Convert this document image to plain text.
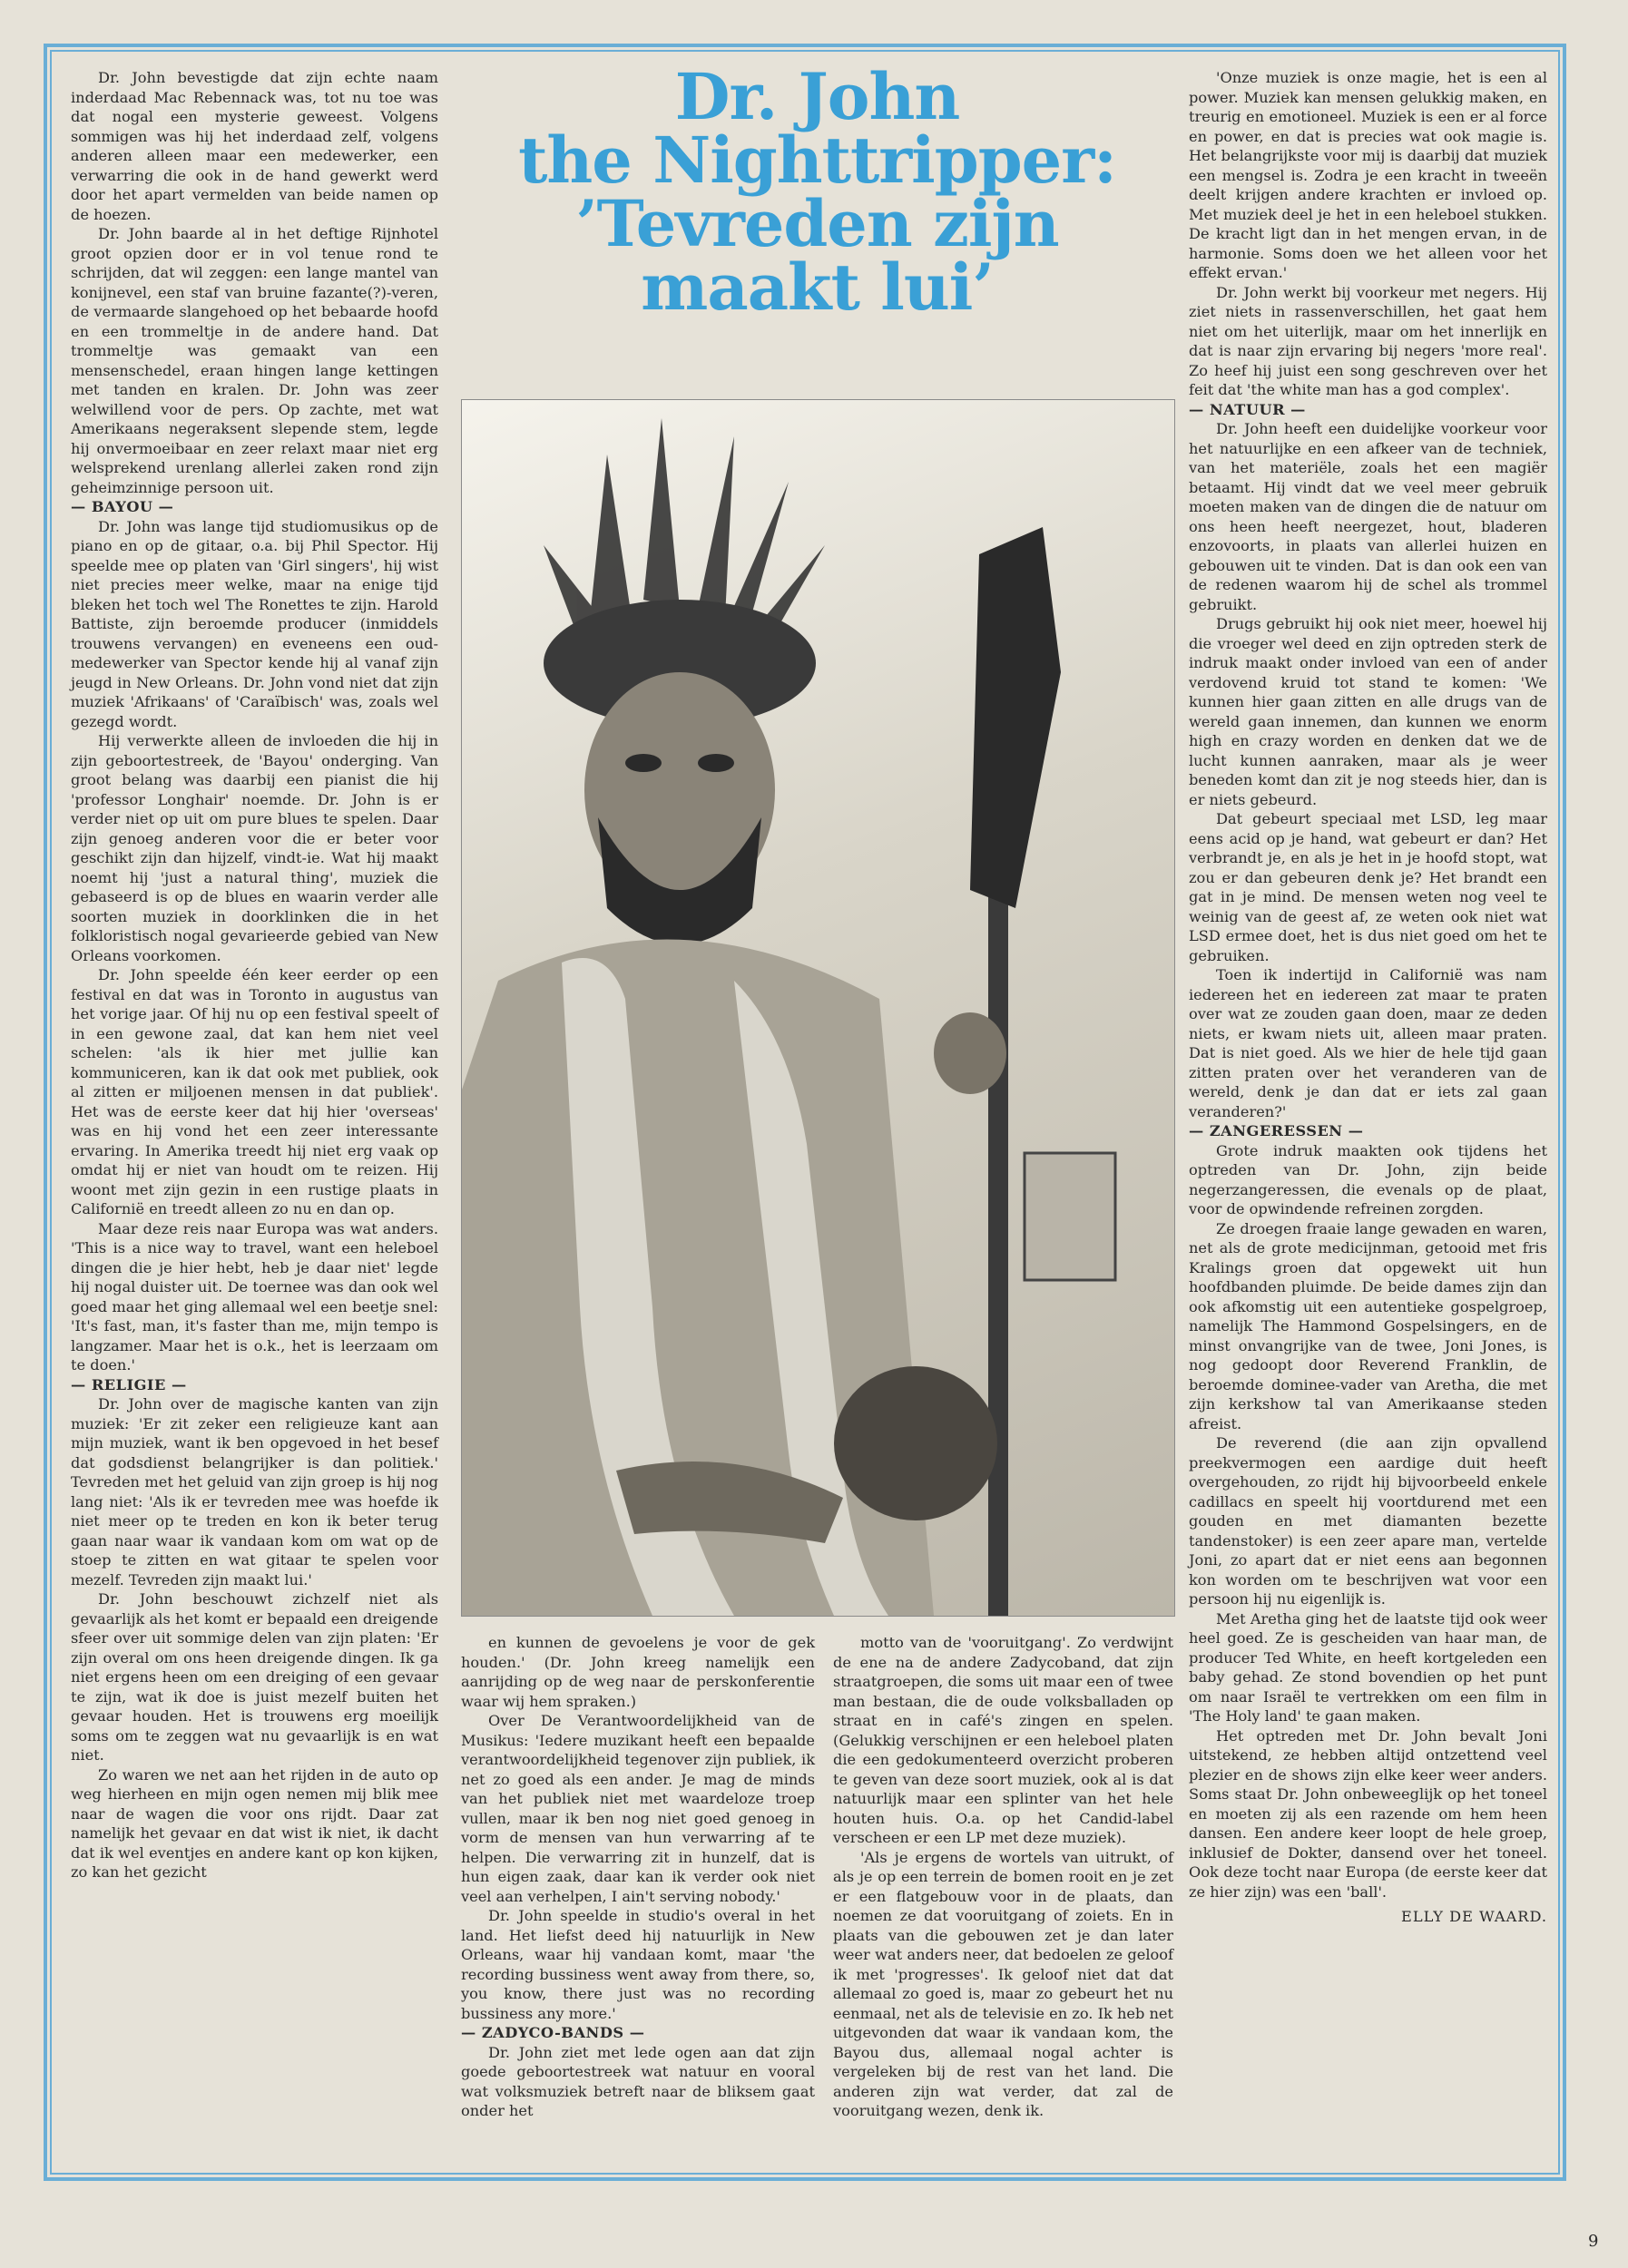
Dr. John bevestigde dat zijn echte naam inderdaad Mac Rebennack was, tot nu toe was dat nogal een mysterie geweest. Volgens sommigen was hij het inderdaad zelf, volgens anderen alleen maar een medewerker, een verwarring die ook in de hand gewerkt werd door het apart vermelden van beide namen op de hoezen.

Dr. John baarde al in het deftige Rijnhotel groot opzien door er in vol tenue rond te schrijden, dat wil zeggen: een lange mantel van konijnevel, een staf van bruine fazante(?)-veren, de vermaarde slangehoed op het bebaarde hoofd en een trommeltje in de andere hand. Dat trommeltje was gemaakt van een mensenschedel, eraan hingen lange kettingen met tanden en kralen. Dr. John was zeer welwillend voor de pers. Op zachte, met wat Amerikaans negeraksent slepende stem, legde hij onvermoeibaar en zeer relaxt maar niet erg welsprekend urenlang allerlei zaken rond zijn geheimzinnige persoon uit.

— BAYOU —

Dr. John was lange tijd studiomusikus op de piano en op de gitaar, o.a. bij Phil Spector. Hij speelde mee op platen van 'Girl singers', hij wist niet precies meer welke, maar na enige tijd bleken het toch wel The Ronettes te zijn. Harold Battiste, zijn beroemde producer (inmiddels trouwens vervangen) en eveneens een oud-medewerker van Spector kende hij al vanaf zijn jeugd in New Orleans. Dr. John vond niet dat zijn muziek 'Afrikaans' of 'Caraïbisch' was, zoals wel gezegd wordt.

Hij verwerkte alleen de invloeden die hij in zijn geboortestreek, de 'Bayou' onderging. Van groot belang was daarbij een pianist die hij 'professor Longhair' noemde. Dr. John is er verder niet op uit om pure blues te spelen. Daar zijn genoeg anderen voor die er beter voor geschikt zijn dan hijzelf, vindt-ie. Wat hij maakt noemt hij 'just a natural thing', muziek die gebaseerd is op de blues en waarin verder alle soorten muziek in doorklinken die in het folkloristisch nogal gevarieerde gebied van New Orleans voorkomen.

Dr. John speelde één keer eerder op een festival en dat was in Toronto in augustus van het vorige jaar. Of hij nu op een festival speelt of in een gewone zaal, dat kan hem niet veel schelen: 'als ik hier met jullie kan kommuniceren, kan ik dat ook met publiek, ook al zitten er miljoenen mensen in dat publiek'. Het was de eerste keer dat hij hier 'overseas' was en hij vond het een zeer interessante ervaring. In Amerika treedt hij niet erg vaak op omdat hij er niet van houdt om te reizen. Hij woont met zijn gezin in een rustige plaats in Californië en treedt alleen zo nu en dan op.

Maar deze reis naar Europa was wat anders. 'This is a nice way to travel, want een heleboel dingen die je hier hebt, heb je daar niet' legde hij nogal duister uit. De toernee was dan ook wel goed maar het ging allemaal wel een beetje snel: 'It's fast, man, it's faster than me, mijn tempo is langzamer. Maar het is o.k., het is leerzaam om te doen.'

— RELIGIE —

Dr. John over de magische kanten van zijn muziek: 'Er zit zeker een religieuze kant aan mijn muziek, want ik ben opgevoed in het besef dat godsdienst belangrijker is dan politiek.' Tevreden met het geluid van zijn groep is hij nog lang niet: 'Als ik er tevreden mee was hoefde ik niet meer op te treden en kon ik beter terug gaan naar waar ik vandaan kom om wat op de stoep te zitten en wat gitaar te spelen voor mezelf. Tevreden zijn maakt lui.'

Dr. John beschouwt zichzelf niet als gevaarlijk als het komt er bepaald een dreigende sfeer over uit sommige delen van zijn platen: 'Er zijn overal om ons heen dreigende dingen. Ik ga niet ergens heen om een dreiging of een gevaar te zijn, wat ik doe is juist mezelf buiten het gevaar houden. Het is trouwens erg moeilijk soms om te zeggen wat nu gevaarlijk is en wat niet.

Zo waren we net aan het rijden in de auto op weg hierheen en mijn ogen nemen mij blik mee naar de wagen die voor ons rijdt. Daar zat namelijk het gevaar en dat wist ik niet, ik dacht dat ik wel eventjes en andere kant op kon kijken, zo kan het gezicht

Dr. John
the Nighttripper:
’Tevreden zijn
maakt lui’

en kunnen de gevoelens je voor de gek houden.' (Dr. John kreeg namelijk een aanrijding op de weg naar de perskonferentie waar wij hem spraken.)

Over De Verantwoordelijkheid van de Musikus: 'Iedere muzikant heeft een bepaalde verantwoordelijkheid tegenover zijn publiek, ik net zo goed als een ander. Je mag de minds van het publiek niet met waardeloze troep vullen, maar ik ben nog niet goed genoeg in vorm de mensen van hun verwarring af te helpen. Die verwarring zit in hunzelf, dat is hun eigen zaak, daar kan ik verder ook niet veel aan verhelpen, I ain't serving nobody.'

Dr. John speelde in studio's overal in het land. Het liefst deed hij natuurlijk in New Orleans, waar hij vandaan komt, maar 'the recording bussiness went away from there, so, you know, there just was no recording bussiness any more.'

— ZADYCO-BANDS —

Dr. John ziet met lede ogen aan dat zijn goede geboortestreek wat natuur en vooral wat volksmuziek betreft naar de bliksem gaat onder het

motto van de 'vooruitgang'. Zo verdwijnt de ene na de andere Zadycoband, dat zijn straatgroepen, die soms uit maar een of twee man bestaan, die de oude volksballaden op straat en in café's zingen en spelen. (Gelukkig verschijnen er een heleboel platen die een gedokumenteerd overzicht proberen te geven van deze soort muziek, ook al is dat natuurlijk maar een splinter van het hele houten huis. O.a. op het Candid-label verscheen er een LP met deze muziek).

'Als je ergens de wortels van uitrukt, of als je op een terrein de bomen rooit en je zet er een flatgebouw voor in de plaats, dan noemen ze dat vooruitgang of zoiets. En in plaats van die gebouwen zet je dan later weer wat anders neer, dat bedoelen ze geloof ik met 'progresses'. Ik geloof niet dat dat allemaal zo goed is, maar zo gebeurt het nu eenmaal, net als de televisie en zo. Ik heb net uitgevonden dat waar ik vandaan kom, the Bayou dus, allemaal nogal achter is vergeleken bij de rest van het land. Die anderen zijn wat verder, dat zal de vooruitgang wezen, denk ik.

'Onze muziek is onze magie, het is een al power. Muziek kan mensen gelukkig maken, en treurig en emotioneel. Muziek is een er al force en power, en dat is precies wat ook magie is. Het belangrijkste voor mij is daarbij dat muziek een mengsel is. Zodra je een kracht in tweeën deelt krijgen andere krachten er invloed op. Met muziek deel je het in een heleboel stukken. De kracht ligt dan in het mengen ervan, in de harmonie. Soms doen we het alleen voor het effekt ervan.'

Dr. John werkt bij voorkeur met negers. Hij ziet niets in rassenverschillen, het gaat hem niet om het uiterlijk, maar om het innerlijk en dat is naar zijn ervaring bij negers 'more real'. Zo heef hij juist een song geschreven over het feit dat 'the white man has a god complex'.

— NATUUR —

Dr. John heeft een duidelijke voorkeur voor het natuurlijke en een afkeer van de techniek, van het materiële, zoals het een magiër betaamt. Hij vindt dat we veel meer gebruik moeten maken van de dingen die de natuur om ons heen heeft neergezet, hout, bladeren enzovoorts, in plaats van allerlei huizen en gebouwen uit te vinden. Dat is dan ook een van de redenen waarom hij de schel als trommel gebruikt.

Drugs gebruikt hij ook niet meer, hoewel hij die vroeger wel deed en zijn optreden sterk de indruk maakt onder invloed van een of ander verdovend kruid tot stand te komen: 'We kunnen hier gaan zitten en alle drugs van de wereld gaan innemen, dan kunnen we enorm high en crazy worden en denken dat we de lucht kunnen aanraken, maar als je weer beneden komt dan zit je nog steeds hier, dan is er niets gebeurd.

Dat gebeurt speciaal met LSD, leg maar eens acid op je hand, wat gebeurt er dan? Het verbrandt je, en als je het in je hoofd stopt, wat zou er dan gebeuren denk je? Het brandt een gat in je mind. De mensen weten nog veel te weinig van de geest af, ze weten ook niet wat LSD ermee doet, het is dus niet goed om het te gebruiken.

Toen ik indertijd in Californië was nam iedereen het en iedereen zat maar te praten over wat ze zouden gaan doen, maar ze deden niets, er kwam niets uit, alleen maar praten. Dat is niet goed. Als we hier de hele tijd gaan zitten praten over het veranderen van de wereld, denk je dan dat er iets zal gaan veranderen?'

— ZANGERESSEN —

Grote indruk maakten ook tijdens het optreden van Dr. John, zijn beide negerzangeressen, die evenals op de plaat, voor de opwindende refreinen zorgden.

Ze droegen fraaie lange gewaden en waren, net als de grote medicijnman, getooid met fris Kralings groen dat opgewekt uit hun hoofdbanden pluimde. De beide dames zijn dan ook afkomstig uit een autentieke gospelgroep, namelijk The Hammond Gospelsingers, en de minst onvangrijke van de twee, Joni Jones, is nog gedoopt door Reverend Franklin, de beroemde dominee-vader van Aretha, die met zijn kerkshow tal van Amerikaanse steden afreist.

De reverend (die aan zijn opvallend preekvermogen een aardige duit heeft overgehouden, zo rijdt hij bijvoorbeeld enkele cadillacs en speelt hij voortdurend met een gouden en met diamanten bezette tandenstoker) is een zeer apare man, vertelde Joni, zo apart dat er niet eens aan begonnen kon worden om te beschrijven wat voor een persoon hij nu eigenlijk is.

Met Aretha ging het de laatste tijd ook weer heel goed. Ze is gescheiden van haar man, de producer Ted White, en heeft kortgeleden een baby gehad. Ze stond bovendien op het punt om naar Israël te vertrekken om een film in 'The Holy land' te gaan maken.

Het optreden met Dr. John bevalt Joni uitstekend, ze hebben altijd ontzettend veel plezier en de shows zijn elke keer weer anders. Soms staat Dr. John onbeweeglijk op het toneel en moeten zij als een razende om hem heen dansen. Een andere keer loopt de hele groep, inklusief de Dokter, dansend over het toneel. Ook deze tocht naar Europa (de eerste keer dat ze hier zijn) was een 'ball'.

ELLY DE WAARD.

9
